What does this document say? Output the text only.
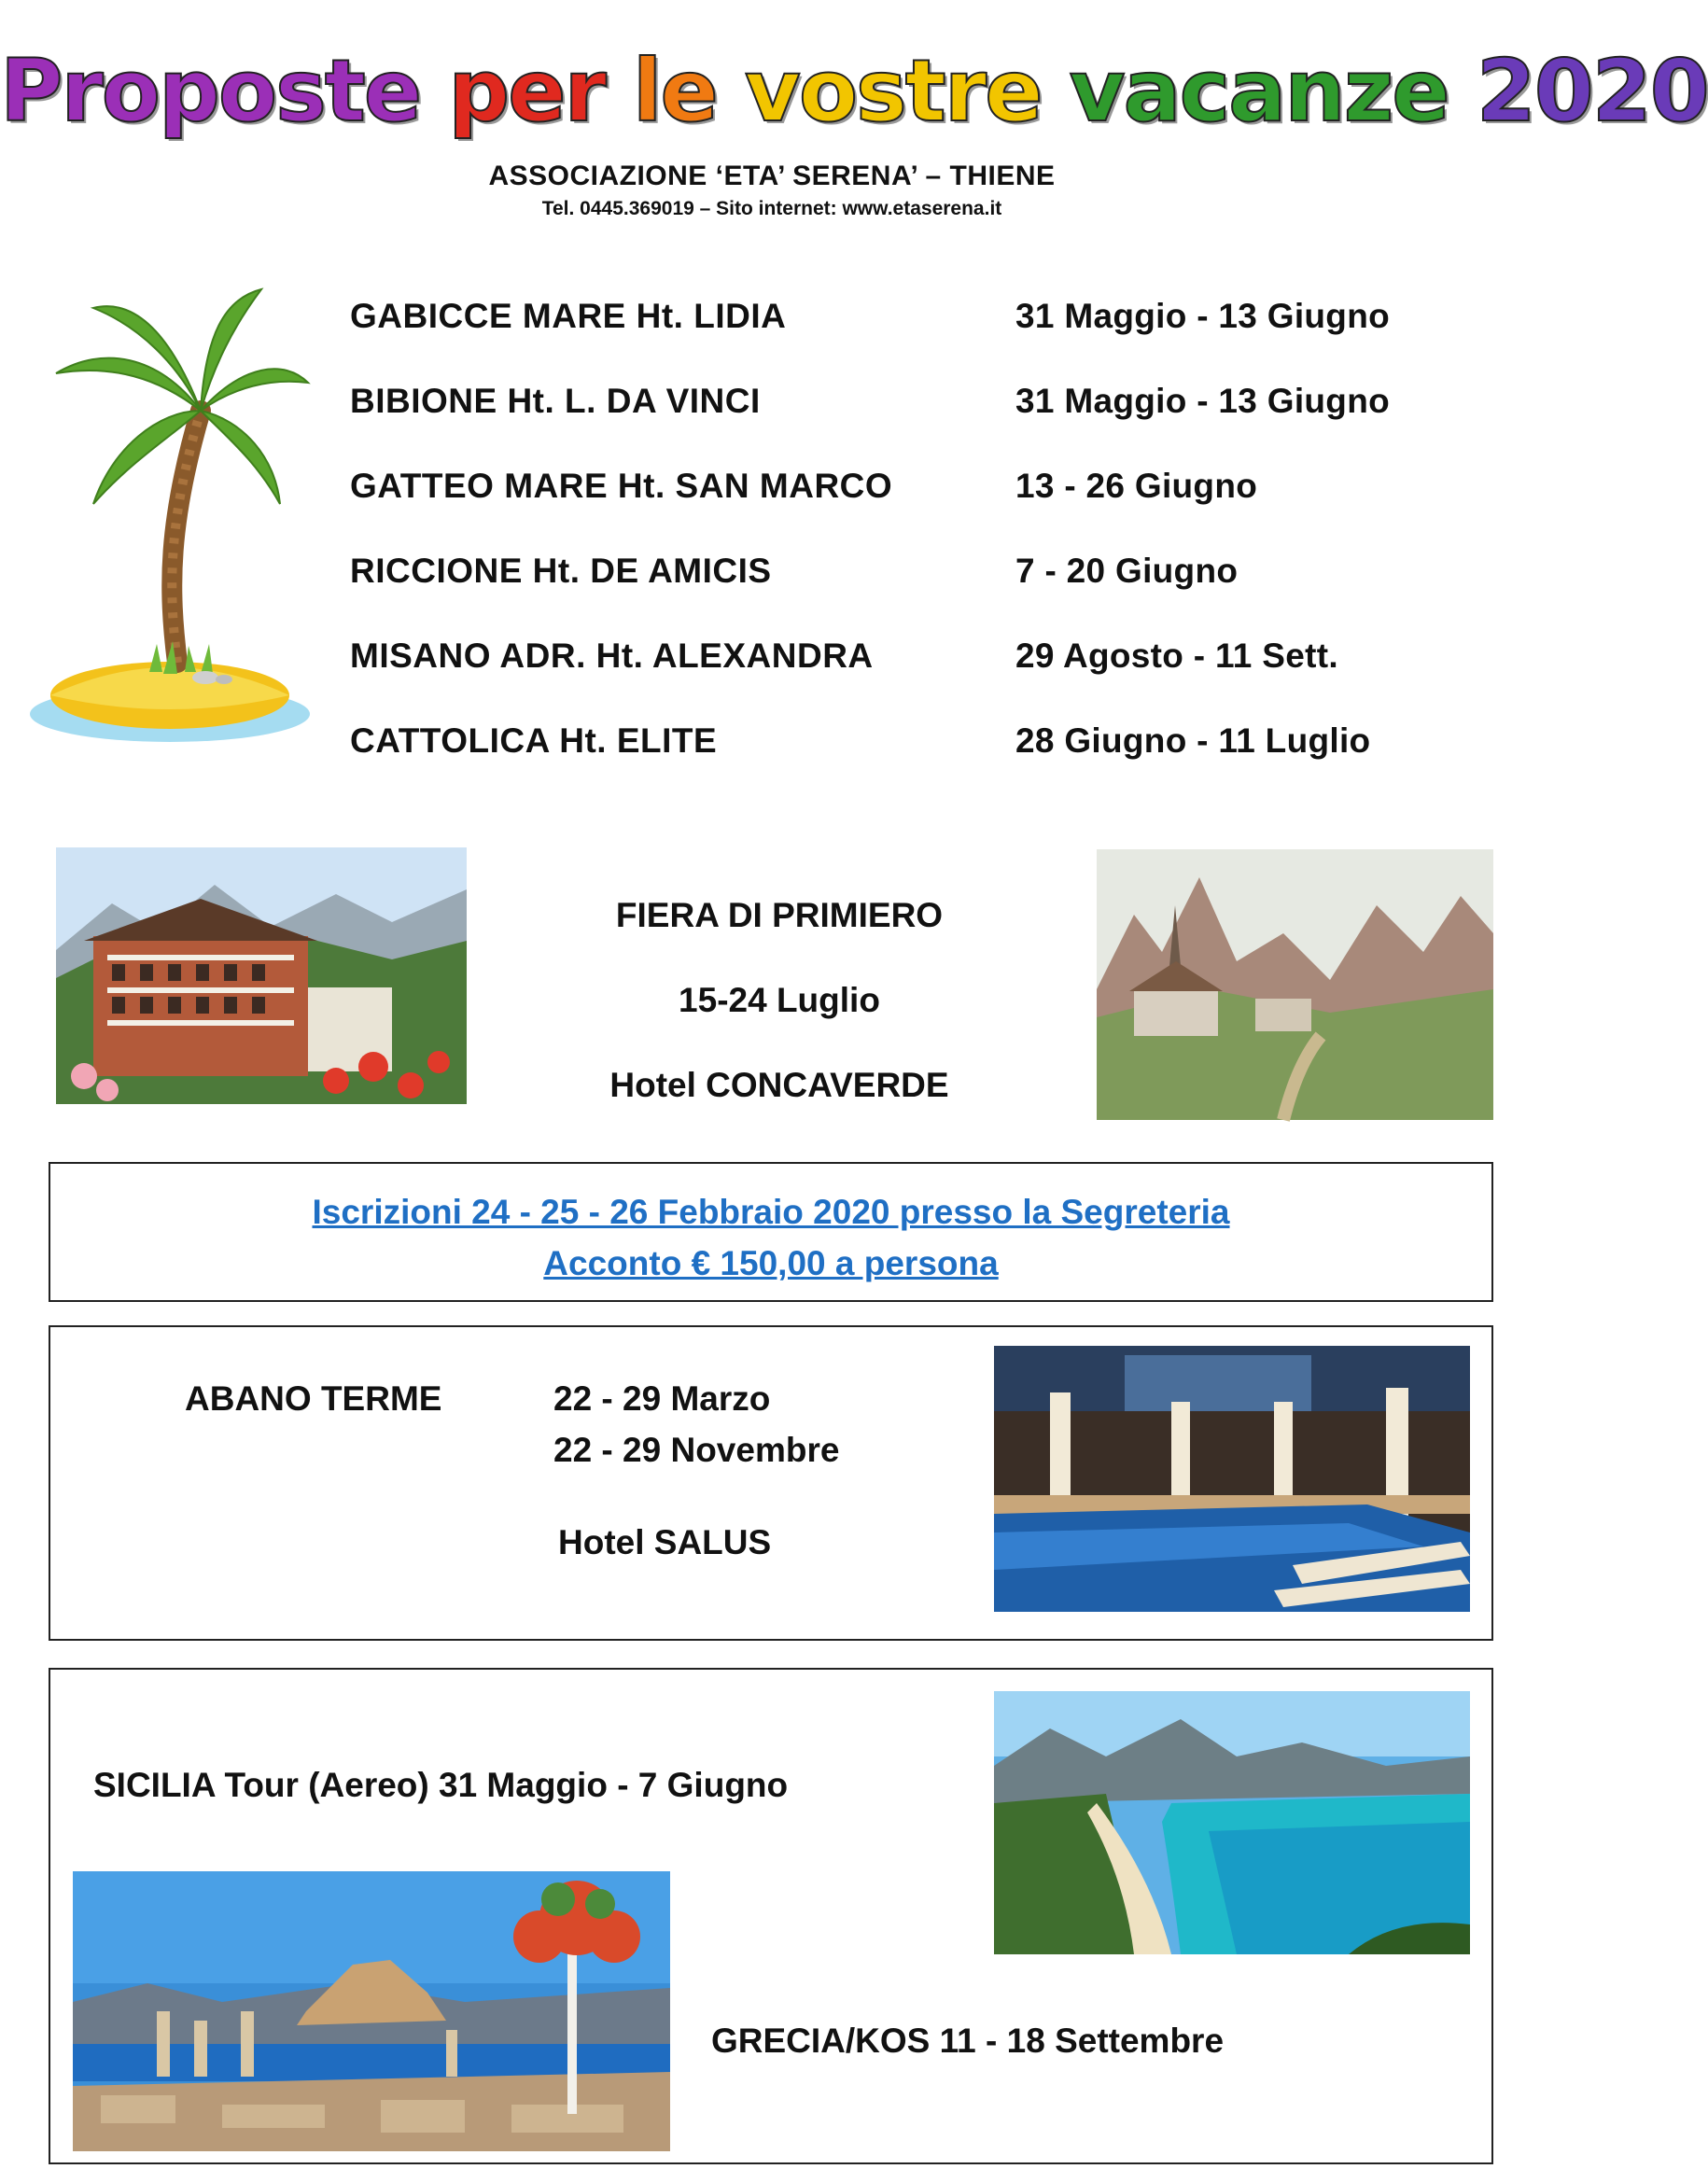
Proposte per le vostre vacanze 2020
ASSOCIAZIONE ‘ETA’ SERENA’ – THIENE
Tel. 0445.369019 – Sito internet: www.etaserena.it
GABICCE MARE Ht. LIDIA	31 Maggio - 13 Giugno
BIBIONE Ht. L. DA VINCI	31 Maggio - 13 Giugno
GATTEO MARE Ht. SAN MARCO	13 - 26 Giugno
RICCIONE Ht. DE AMICIS	7 - 20 Giugno
MISANO ADR. Ht. ALEXANDRA	29 Agosto - 11 Sett.
CATTOLICA Ht. ELITE	28 Giugno - 11 Luglio
FIERA DI PRIMIERO
15-24 Luglio
Hotel CONCAVERDE
Iscrizioni 24 - 25 - 26 Febbraio 2020 presso la Segreteria
Acconto € 150,00 a persona
ABANO TERME	22 - 29 Marzo
22 - 29 Novembre
Hotel SALUS
SICILIA Tour (Aereo) 31 Maggio - 7 Giugno
GRECIA/KOS 11 - 18 Settembre
